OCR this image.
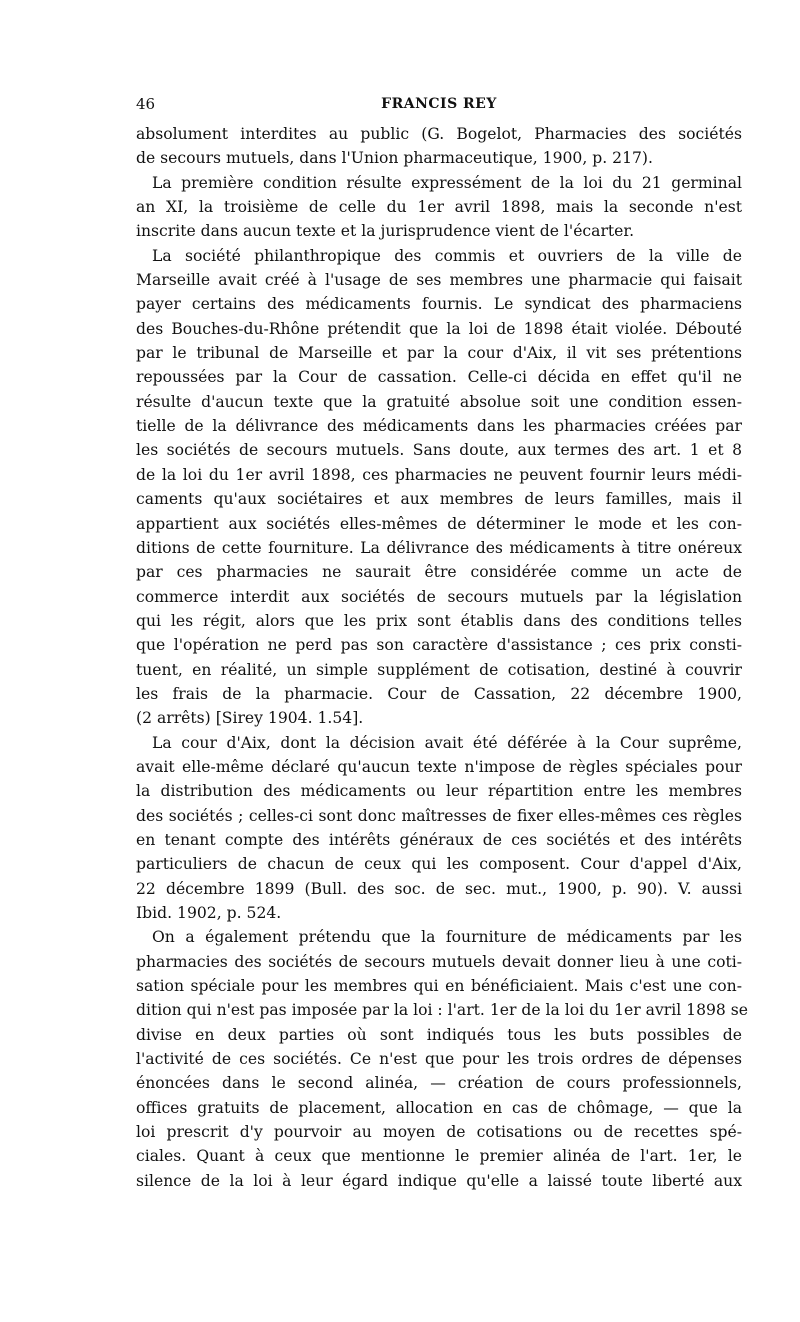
46	FRANCIS REY
absolument interdites au public (G. Bogelot, Pharmacies des sociétés
de secours mutuels, dans l'Union pharmaceutique, 1900, p. 217).
La première condition résulte expressément de la loi du 21 germinal
an XI, la troisième de celle du 1er avril 1898, mais la seconde n'est
inscrite dans aucun texte et la jurisprudence vient de l'écarter.
La société philanthropique des commis et ouvriers de la ville de
Marseille avait créé à l'usage de ses membres une pharmacie qui faisait
payer certains des médicaments fournis. Le syndicat des pharmaciens
des Bouches-du-Rhône prétendit que la loi de 1898 était violée. Débouté
par le tribunal de Marseille et par la cour d'Aix, il vit ses prétentions
repoussées par la Cour de cassation. Celle-ci décida en effet qu'il ne
résulte d'aucun texte que la gratuité absolue soit une condition essen-
tielle de la délivrance des médicaments dans les pharmacies créées par
les sociétés de secours mutuels. Sans doute, aux termes des art. 1 et 8
de la loi du 1er avril 1898, ces pharmacies ne peuvent fournir leurs médi-
caments qu'aux sociétaires et aux membres de leurs familles, mais il
appartient aux sociétés elles-mêmes de déterminer le mode et les con-
ditions de cette fourniture. La délivrance des médicaments à titre onéreux
par ces pharmacies ne saurait être considérée comme un acte de
commerce interdit aux sociétés de secours mutuels par la législation
qui les régit, alors que les prix sont établis dans des conditions telles
que l'opération ne perd pas son caractère d'assistance ; ces prix consti-
tuent, en réalité, un simple supplément de cotisation, destiné à couvrir
les frais de la pharmacie. Cour de Cassation, 22 décembre 1900,
(2 arrêts) [Sirey 1904. 1.54].
La cour d'Aix, dont la décision avait été déférée à la Cour suprême,
avait elle-même déclaré qu'aucun texte n'impose de règles spéciales pour
la distribution des médicaments ou leur répartition entre les membres
des sociétés ; celles-ci sont donc maîtresses de fixer elles-mêmes ces règles
en tenant compte des intérêts généraux de ces sociétés et des intérêts
particuliers de chacun de ceux qui les composent. Cour d'appel d'Aix,
22 décembre 1899 (Bull. des soc. de sec. mut., 1900, p. 90). V. aussi
Ibid. 1902, p. 524.
On a également prétendu que la fourniture de médicaments par les
pharmacies des sociétés de secours mutuels devait donner lieu à une coti-
sation spéciale pour les membres qui en bénéficiaient. Mais c'est une con-
dition qui n'est pas imposée par la loi : l'art. 1er de la loi du 1er avril 1898 se
divise en deux parties où sont indiqués tous les buts possibles de
l'activité de ces sociétés. Ce n'est que pour les trois ordres de dépenses
énoncées dans le second alinéa, — création de cours professionnels,
offices gratuits de placement, allocation en cas de chômage, — que la
loi prescrit d'y pourvoir au moyen de cotisations ou de recettes spé-
ciales. Quant à ceux que mentionne le premier alinéa de l'art. 1er, le
silence de la loi à leur égard indique qu'elle a laissé toute liberté aux
